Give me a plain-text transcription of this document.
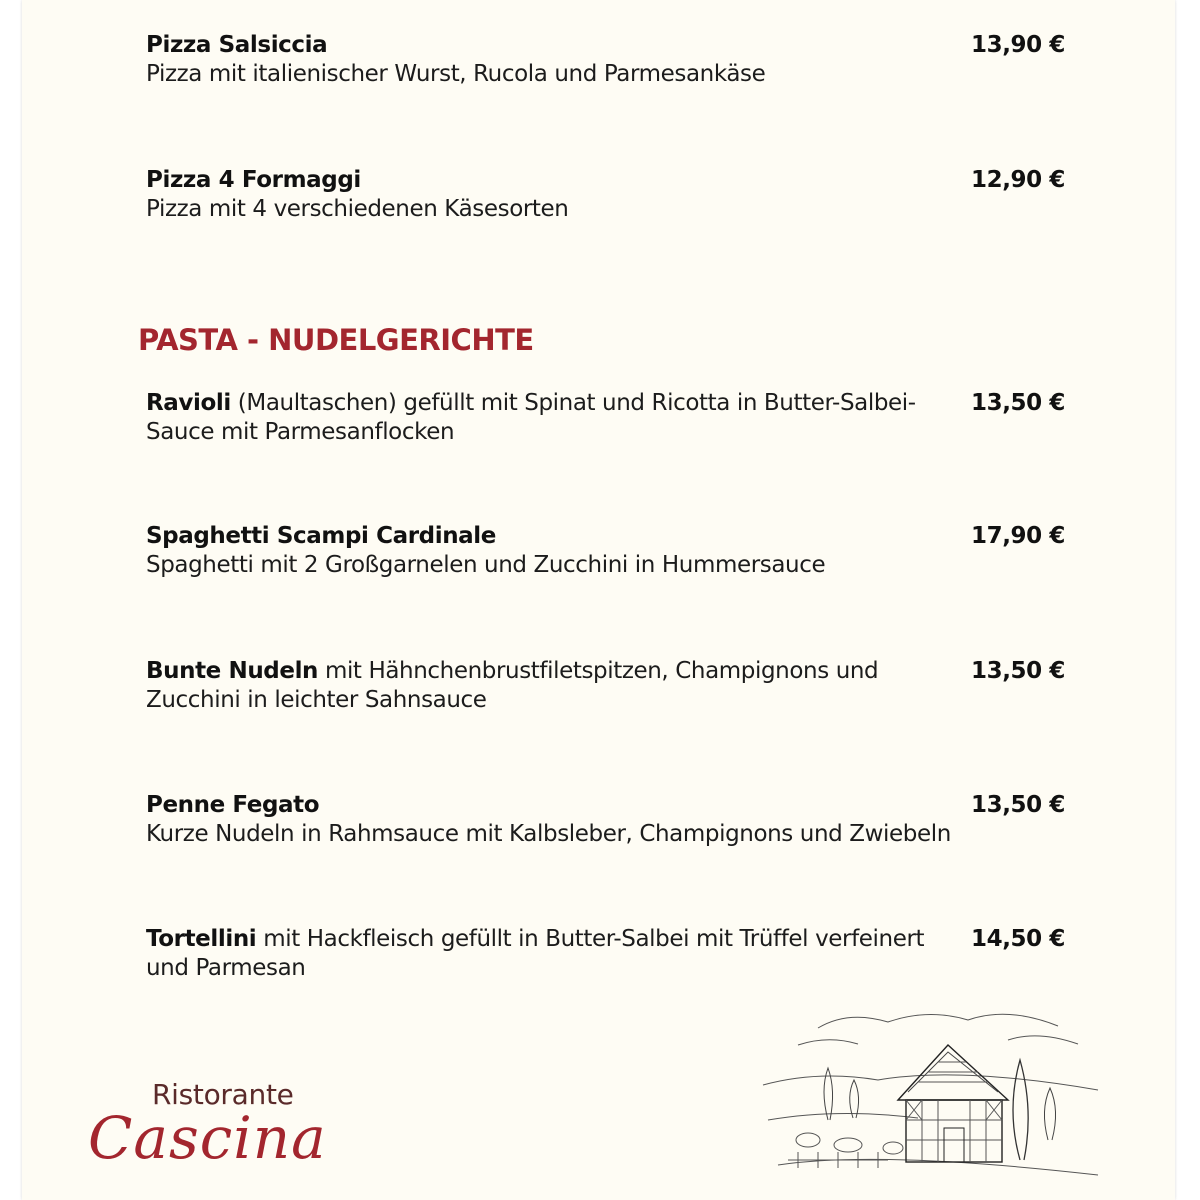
Pizza Salsiccia
Pizza mit italienischer Wurst, Rucola und Parmesankäse
13,90 €
Pizza 4 Formaggi
Pizza mit 4 verschiedenen Käsesorten
12,90 €
PASTA - NUDELGERICHTE
Ravioli (Maultaschen) gefüllt mit Spinat und Ricotta in Butter-Salbei-Sauce mit Parmesanflocken
13,50 €
Spaghetti Scampi Cardinale
Spaghetti mit 2 Großgarnelen und Zucchini in Hummersauce
17,90 €
Bunte Nudeln mit Hähnchenbrustfiletspitzen, Champignons und Zucchini in leichter Sahnsauce
13,50 €
Penne Fegato
Kurze Nudeln in Rahmsauce mit Kalbsleber, Champignons und Zwiebeln
13,50 €
Tortellini mit Hackfleisch gefüllt in Butter-Salbei mit Trüffel verfeinert und Parmesan
14,50 €
Ristorante
Cascina
